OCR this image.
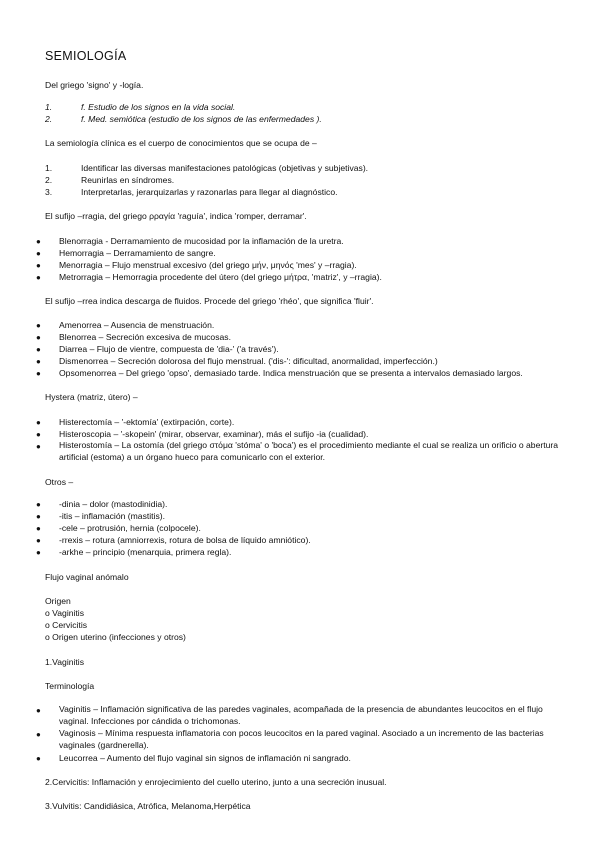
SEMIOLOGÍA
Del griego 'signo' y -logía.
1.	f. Estudio de los signos en la vida social.
2.	f. Med. semiótica (estudio de los signos de las enfermedades ).
La semiología clínica es el cuerpo de conocimientos que se ocupa de –
1.	Identificar las diversas manifestaciones patológicas (objetivas y subjetivas).
2.	Reunirlas en síndromes.
3.	Interpretarlas, jerarquizarlas y razonarlas para llegar al diagnóstico.
El sufijo –rragia, del griego ρραγία 'raguía', indica 'romper, derramar'.
● Blenorragia - Derramamiento de mucosidad por la inflamación de la uretra.
● Hemorragia – Derramamiento de sangre.
● Menorragia – Flujo menstrual excesivo (del griego μήν, μηνός 'mes' y –rragia).
● Metrorragia – Hemorragia procedente del útero (del griego μήτρα, 'matriz', y –rragia).
El sufijo –rrea indica descarga de fluidos. Procede del griego 'rhéo', que significa 'fluir'.
● Amenorrea – Ausencia de menstruación.
● Blenorrea – Secreción excesiva de mucosas.
● Diarrea – Flujo de vientre, compuesta de 'dia-' ('a través').
● Dismenorrea – Secreción dolorosa del flujo menstrual. ('dis-': dificultad, anormalidad, imperfección.)
● Opsomenorrea – Del griego 'opso', demasiado tarde. Indica menstruación que se presenta a intervalos demasiado largos.
Hystera (matriz, útero) –
● Histerectomía – '-ektomía' (extirpación, corte).
● Histeroscopia – '-skopein' (mirar, observar, examinar), más el sufijo -ia (cualidad).
● Histerostomía – La ostomía (del griego στόμα 'stóma' o 'boca') es el procedimiento mediante el cual se realiza un orificio o abertura artificial (estoma) a un órgano hueco para comunicarlo con el exterior.
Otros –
● -dinia – dolor (mastodinidia).
● -itis – inflamación (mastitis).
● -cele – protrusión, hernia (colpocele).
● -rrexis – rotura (amniorrexis, rotura de bolsa de líquido amniótico).
● -arkhe – principio (menarquia, primera regla).
Flujo vaginal anómalo
Origen
o Vaginitis
o Cervicitis
o Origen uterino (infecciones y otros)
1.Vaginitis
Terminología
● Vaginitis – Inflamación significativa de las paredes vaginales, acompañada de la presencia de abundantes leucocitos en el flujo vaginal. Infecciones por cándida o trichomonas.
● Vaginosis – Mínima respuesta inflamatoria con pocos leucocitos en la pared vaginal. Asociado a un incremento de las bacterias vaginales (gardnerella).
● Leucorrea – Aumento del flujo vaginal sin signos de inflamación ni sangrado.
2.Cervicitis: Inflamación y enrojecimiento del cuello uterino, junto a una secreción inusual.
3.Vulvitis: Candidiásica, Atrófica, Melanoma,Herpética
